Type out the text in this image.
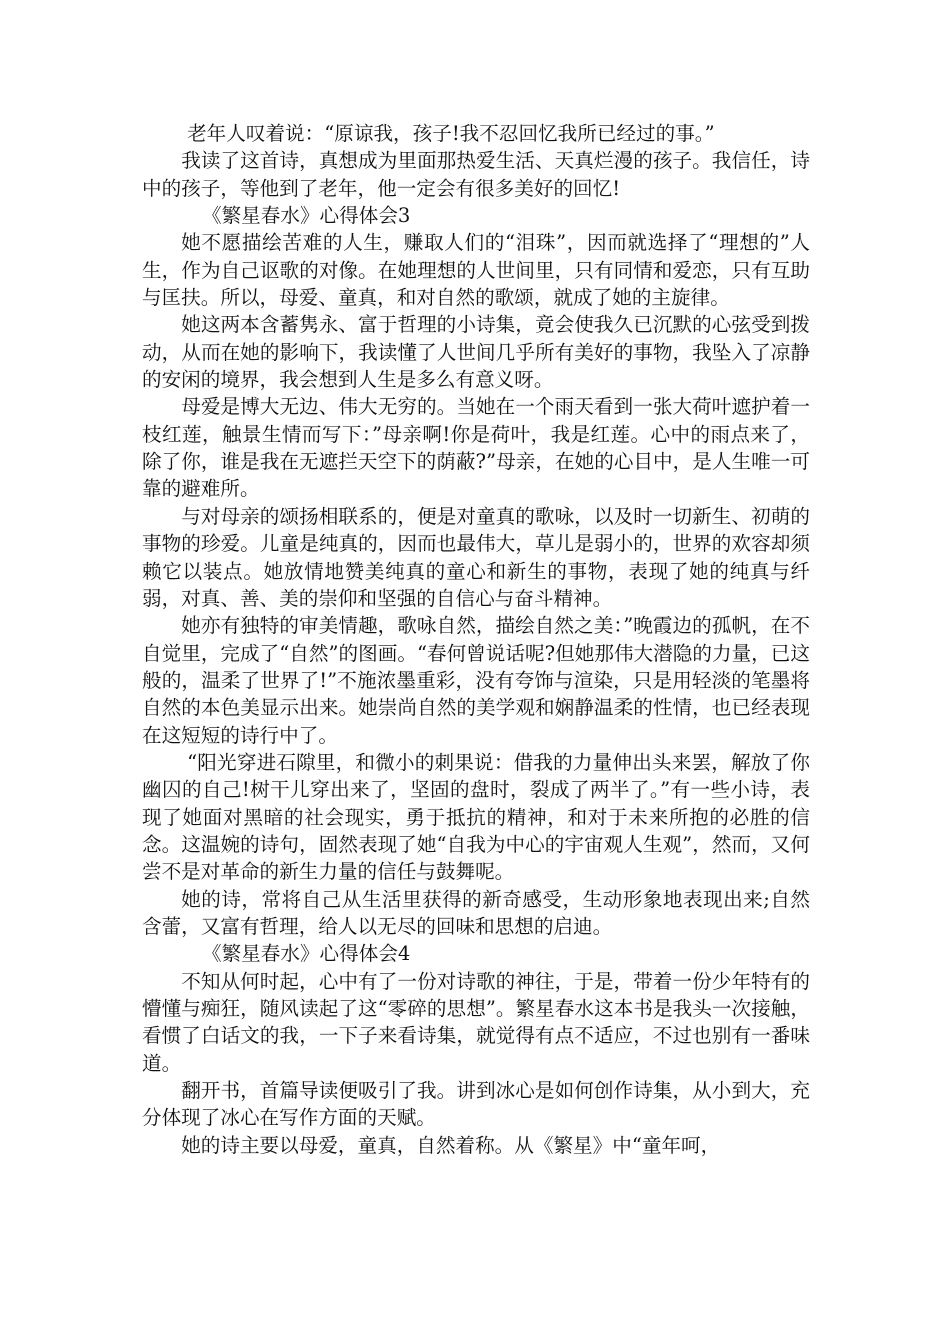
老年人叹着说：“原谅我，孩子!我不忍回忆我所已经过的事。”

我读了这首诗，真想成为里面那热爱生活、天真烂漫的孩子。我信任，诗中的孩子，等他到了老年，他一定会有很多美好的回忆!

《繁星春水》心得体会3

她不愿描绘苦难的人生，赚取人们的“泪珠”，因而就选择了“理想的”人生，作为自己讴歌的对像。在她理想的人世间里，只有同情和爱恋，只有互助与匡扶。所以，母爱、童真，和对自然的歌颂，就成了她的主旋律。

她这两本含蓄隽永、富于哲理的小诗集，竟会使我久已沉默的心弦受到拨动，从而在她的影响下，我读懂了人世间几乎所有美好的事物，我坠入了凉静的安闲的境界，我会想到人生是多么有意义呀。

母爱是博大无边、伟大无穷的。当她在一个雨天看到一张大荷叶遮护着一枝红莲，触景生情而写下：”母亲啊!你是荷叶，我是红莲。心中的雨点来了，除了你，谁是我在无遮拦天空下的荫蔽?”母亲，在她的心目中，是人生唯一可靠的避难所。

与对母亲的颂扬相联系的，便是对童真的歌咏，以及时一切新生、初萌的事物的珍爱。儿童是纯真的，因而也最伟大，草儿是弱小的，世界的欢容却须赖它以装点。她放情地赞美纯真的童心和新生的事物，表现了她的纯真与纤弱，对真、善、美的崇仰和坚强的自信心与奋斗精神。

她亦有独特的审美情趣，歌咏自然，描绘自然之美：”晚霞边的孤帆，在不自觉里，完成了“自然”的图画。“春何曾说话呢?但她那伟大潜隐的力量，已这般的，温柔了世界了!”不施浓墨重彩，没有夸饰与渲染，只是用轻淡的笔墨将自然的本色美显示出来。她崇尚自然的美学观和娴静温柔的性情，也已经表现在这短短的诗行中了。

“阳光穿进石隙里，和微小的刺果说：借我的力量伸出头来罢，解放了你幽囚的自己!树干儿穿出来了，坚固的盘时，裂成了两半了。”有一些小诗，表现了她面对黑暗的社会现实，勇于抵抗的精神，和对于未来所抱的必胜的信念。这温婉的诗句，固然表现了她“自我为中心的宇宙观人生观”，然而，又何尝不是对革命的新生力量的信任与鼓舞呢。

她的诗，常将自己从生活里获得的新奇感受，生动形象地表现出来;自然含蕾，又富有哲理，给人以无尽的回味和思想的启迪。

《繁星春水》心得体会4

不知从何时起，心中有了一份对诗歌的神往，于是，带着一份少年特有的懵懂与痴狂，随风读起了这“零碎的思想”。繁星春水这本书是我头一次接触，看惯了白话文的我，一下子来看诗集，就觉得有点不适应，不过也别有一番味道。

翻开书，首篇导读便吸引了我。讲到冰心是如何创作诗集，从小到大，充分体现了冰心在写作方面的天赋。

她的诗主要以母爱，童真，自然着称。从《繁星》中“童年呵，
